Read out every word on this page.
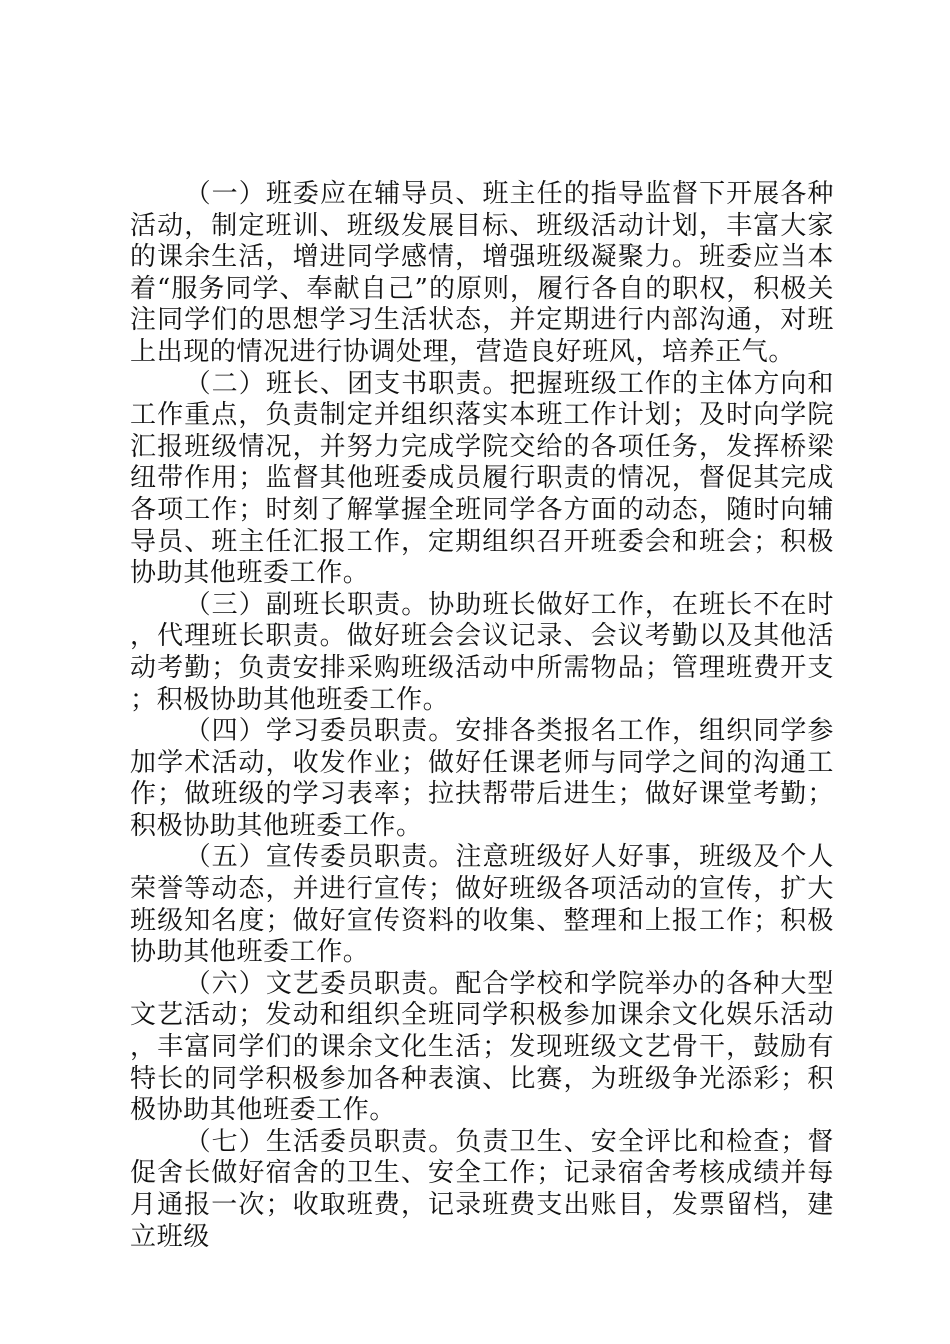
（一）班委应在辅导员、班主任的指导监督下开展各种活动，制定班训、班级发展目标、班级活动计划，丰富大家的课余生活，增进同学感情，增强班级凝聚力。班委应当本着“服务同学、奉献自己”的原则，履行各自的职权，积极关注同学们的思想学习生活状态，并定期进行内部沟通，对班上出现的情况进行协调处理，营造良好班风，培养正气。

（二）班长、团支书职责。把握班级工作的主体方向和工作重点，负责制定并组织落实本班工作计划；及时向学院汇报班级情况，并努力完成学院交给的各项任务，发挥桥梁纽带作用；监督其他班委成员履行职责的情况，督促其完成各项工作；时刻了解掌握全班同学各方面的动态，随时向辅导员、班主任汇报工作，定期组织召开班委会和班会；积极协助其他班委工作。

（三）副班长职责。协助班长做好工作，在班长不在时，代理班长职责。做好班会会议记录、会议考勤以及其他活动考勤；负责安排采购班级活动中所需物品；管理班费开支；积极协助其他班委工作。

（四）学习委员职责。安排各类报名工作，组织同学参加学术活动，收发作业；做好任课老师与同学之间的沟通工作；做班级的学习表率；拉扶帮带后进生；做好课堂考勤；积极协助其他班委工作。

（五）宣传委员职责。注意班级好人好事，班级及个人荣誉等动态，并进行宣传；做好班级各项活动的宣传，扩大班级知名度；做好宣传资料的收集、整理和上报工作；积极协助其他班委工作。

（六）文艺委员职责。配合学校和学院举办的各种大型文艺活动；发动和组织全班同学积极参加课余文化娱乐活动，丰富同学们的课余文化生活；发现班级文艺骨干，鼓励有特长的同学积极参加各种表演、比赛，为班级争光添彩；积极协助其他班委工作。

（七）生活委员职责。负责卫生、安全评比和检查；督促舍长做好宿舍的卫生、安全工作；记录宿舍考核成绩并每月通报一次；收取班费，记录班费支出账目，发票留档，建立班级
